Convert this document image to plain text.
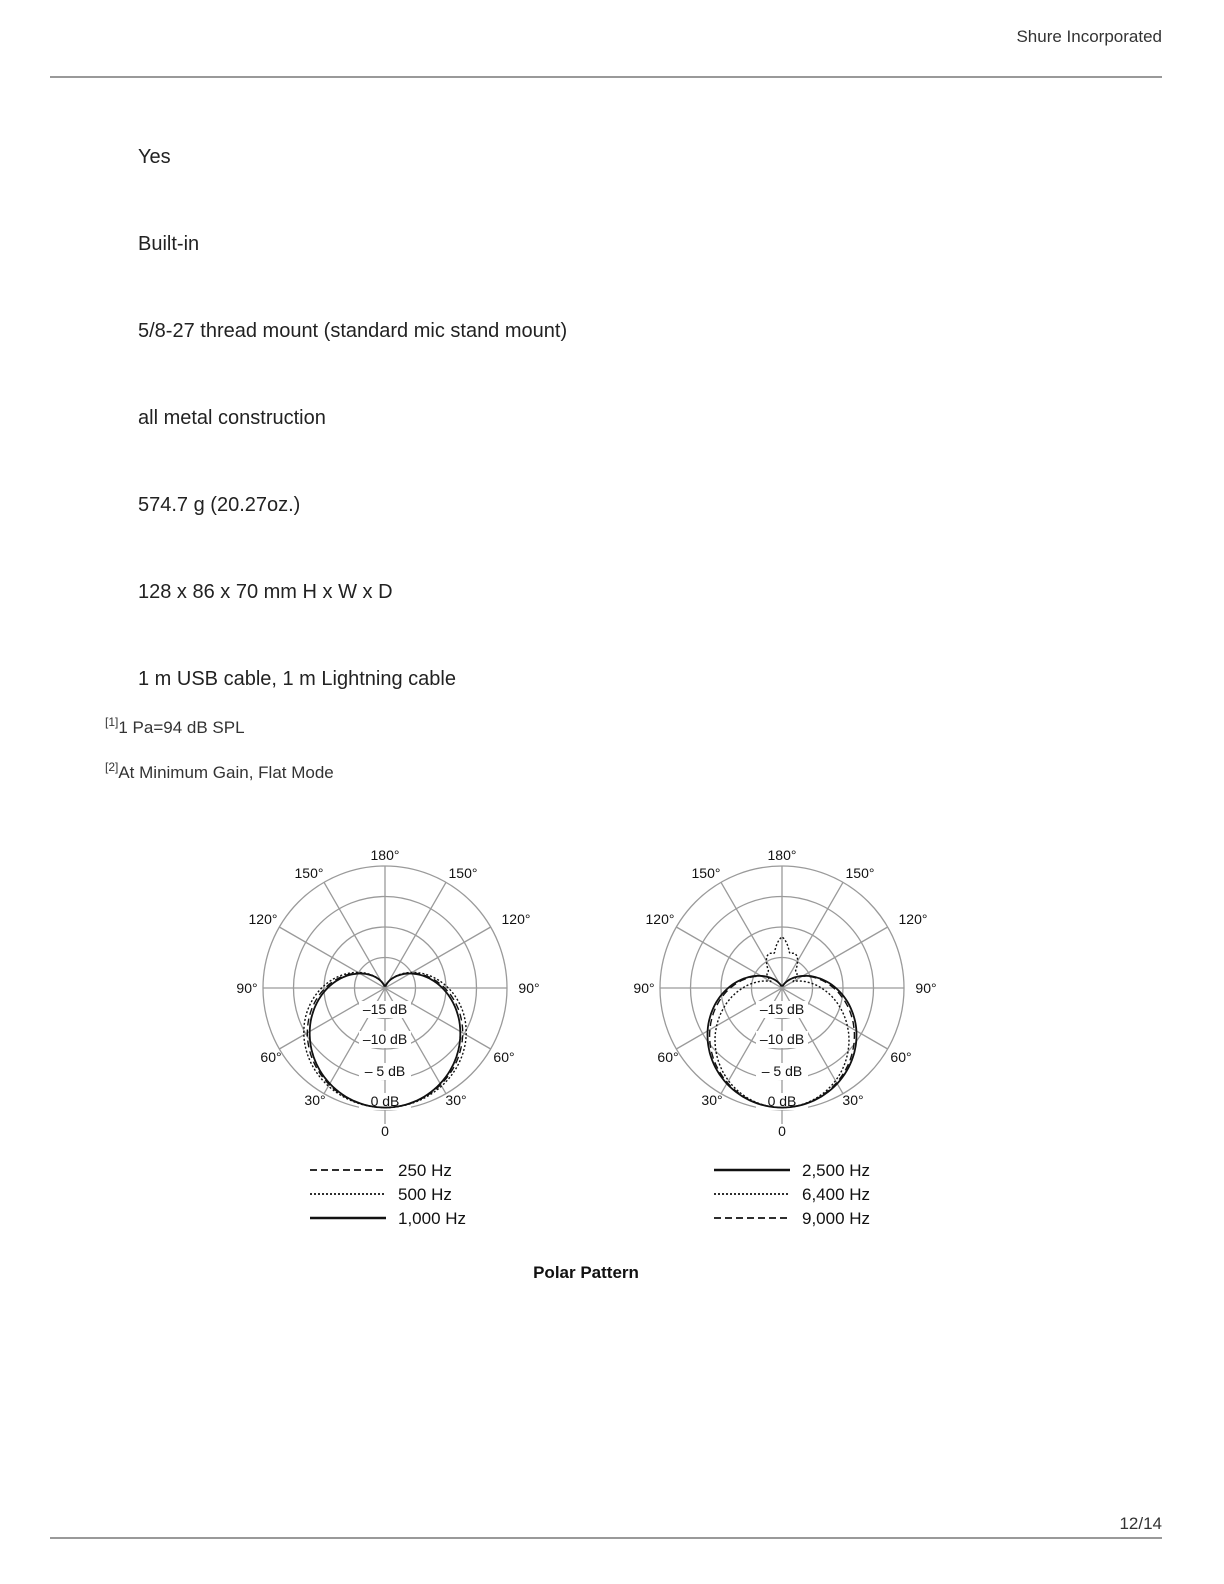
Shure Incorporated
Yes
Built-in
5/8-27 thread mount (standard mic stand mount)
all metal construction
574.7 g (20.27oz.)
128 x 86 x 70 mm H x W x D
1 m USB cable, 1 m Lightning cable
[1]1 Pa=94 dB SPL
[2]At Minimum Gain, Flat Mode
–15 dB
–10 dB
– 5 dB
0 dB
180°
150°	150°
120°	120°
90°	90°
60°	60°
30°	30°
0
250 Hz
500 Hz
1,000 Hz
–15 dB
–10 dB
– 5 dB
0 dB
180°
150°	150°
120°	120°
90°	90°
60°	60°
30°	30°
0
2,500 Hz
6,400 Hz
9,000 Hz
Polar Pattern
12/14
